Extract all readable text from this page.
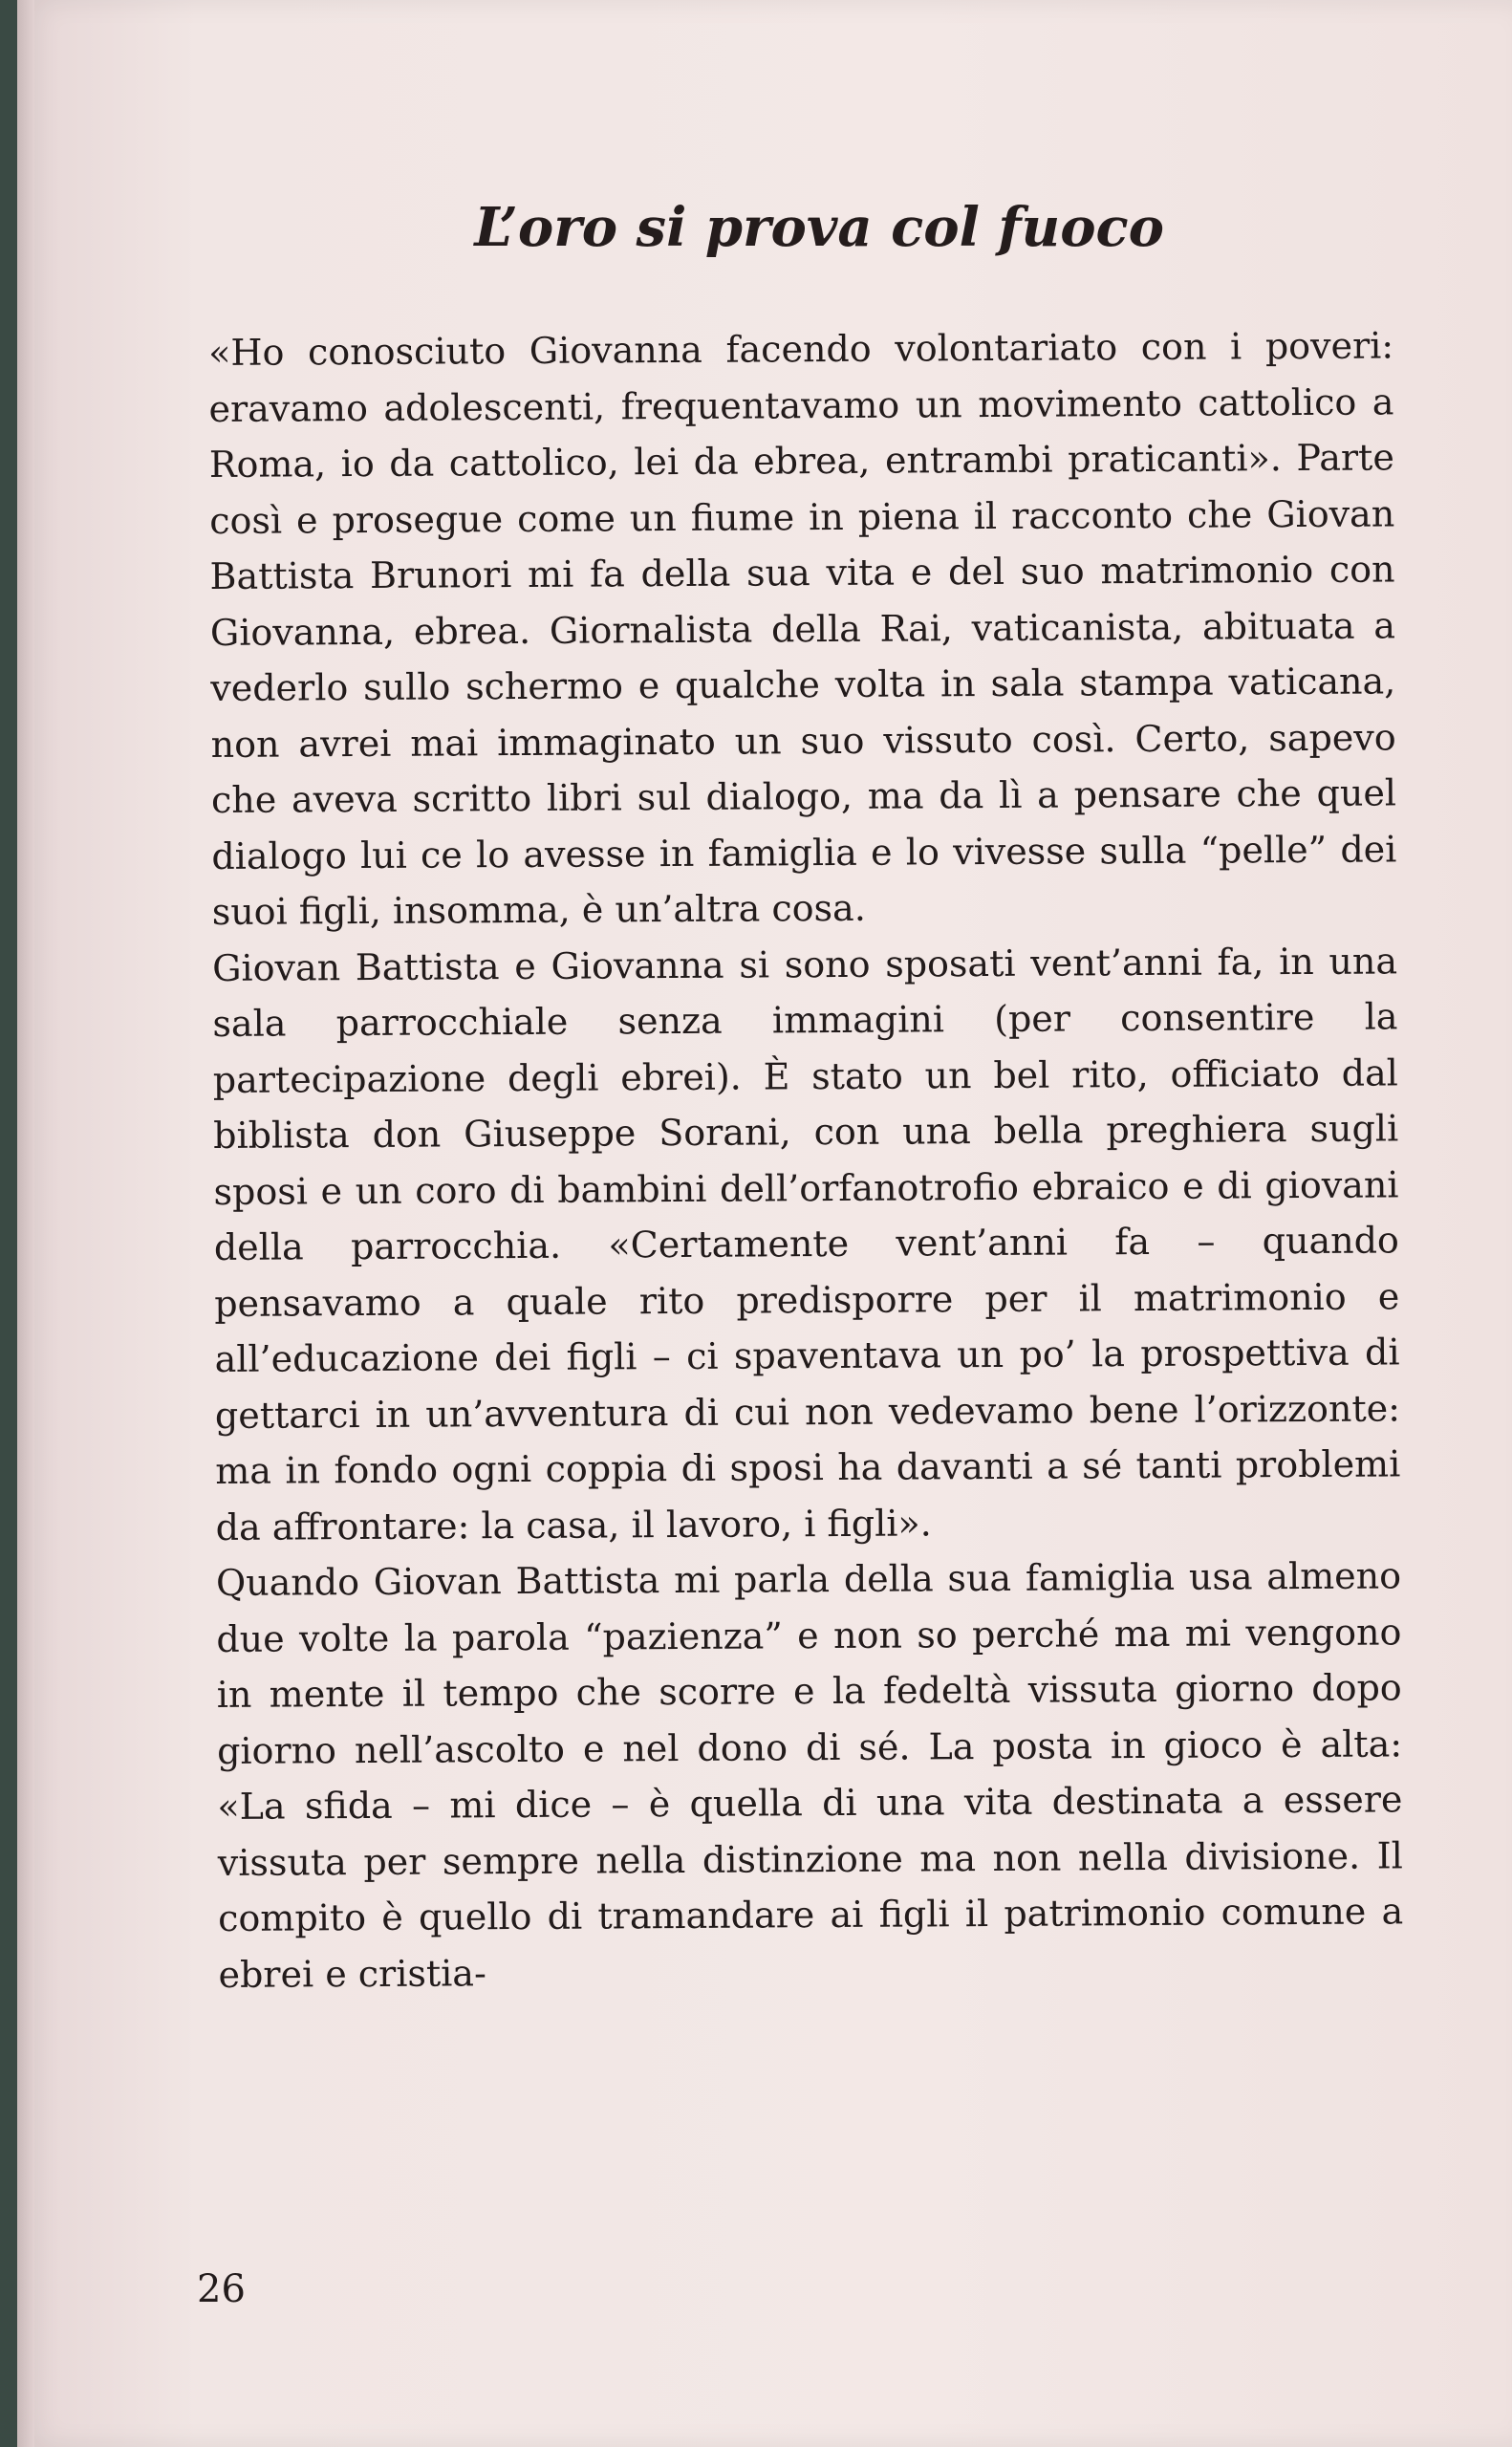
L’oro si prova col fuoco

«Ho conosciuto Giovanna facendo volontariato con i poveri: eravamo adolescenti, frequentavamo un movimento cattolico a Roma, io da cattolico, lei da ebrea, entrambi praticanti». Parte così e prosegue come un fiume in piena il racconto che Giovan Battista Brunori mi fa della sua vita e del suo matrimonio con Giovanna, ebrea. Giornalista della Rai, vaticanista, abituata a vederlo sullo schermo e qualche volta in sala stampa vaticana, non avrei mai immaginato un suo vissuto così. Certo, sapevo che aveva scritto libri sul dialogo, ma da lì a pensare che quel dialogo lui ce lo avesse in famiglia e lo vivesse sulla “pelle” dei suoi figli, insomma, è un’altra cosa.

Giovan Battista e Giovanna si sono sposati vent’anni fa, in una sala parrocchiale senza immagini (per consentire la partecipazione degli ebrei). È stato un bel rito, officiato dal biblista don Giuseppe Sorani, con una bella preghiera sugli sposi e un coro di bambini dell’orfanotrofio ebraico e di giovani della parrocchia. «Certamente vent’anni fa – quando pensavamo a quale rito predisporre per il matrimonio e all’educazione dei figli – ci spaventava un po’ la prospettiva di gettarci in un’avventura di cui non vedevamo bene l’orizzonte: ma in fondo ogni coppia di sposi ha davanti a sé tanti problemi da affrontare: la casa, il lavoro, i figli».

Quando Giovan Battista mi parla della sua famiglia usa almeno due volte la parola “pazienza” e non so perché ma mi vengono in mente il tempo che scorre e la fedeltà vissuta giorno dopo giorno nell’ascolto e nel dono di sé. La posta in gioco è alta: «La sfida – mi dice – è quella di una vita destinata a essere vissuta per sempre nella distinzione ma non nella divisione. Il compito è quello di tramandare ai figli il patrimonio comune a ebrei e cristia-

26
